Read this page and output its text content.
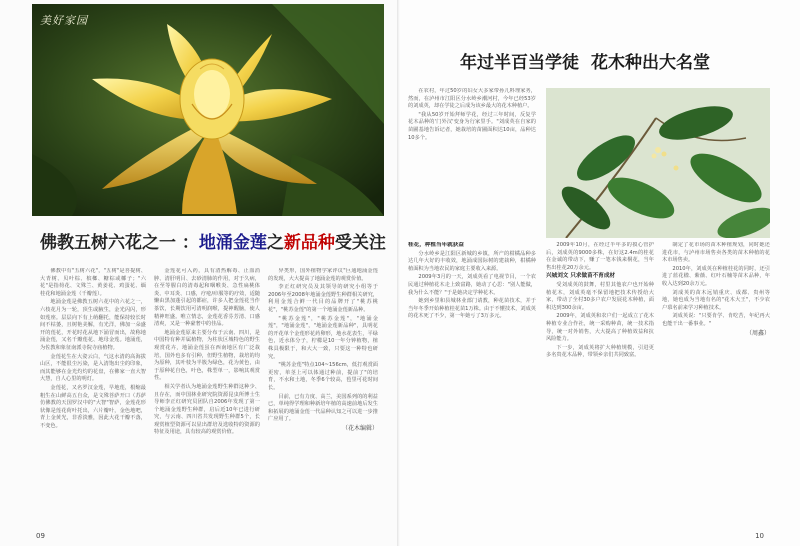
美好家园
佛教五树六花之一 ：地涌金莲之新品种受关注

佛教中有"五树六花"，"五树"是菩提树、大青树、贝叶棕、槟榔、糖棕或椰子；"六花"是指荷花、文殊兰、黄姜花、鸡蛋花、缅桂花和地涌金莲（千瓣莲）。

地涌金莲是佛教五树六花中的六花之一，六枝花月为一轮，顶生或腋生，金光闪闪，形如莲座。层层向下有上萌翻托，能保持较长时间不枯萎，且树艳美解，有光洋，佛加一朵盛开的莲花，开花时花从地下涌冒而出，故称地涌金莲，又名千瓣莲花、地母金莲。地涌莲，为佐教和象征南派寺院寺庙植物。

金莲花生在大姿云白，气这水清的高海拔山区，不能很尘污染，是入清饱出尘的印象，而其能够在金光灼灼的花盘，在佛家一直大智大慧，自人心里的明灯。

金莲花，又名罗汉金莲，早地莲，根缩最粗生在山鲜高五自众，是文殊菩萨开口（苏萨仿佛教的天国罗汉中的"大智"智萨，金莲花形状像是莲花荷叶托出，六片瓣叶，金色地吧，青上金黄光，非香淡雅，因此大花干瓣不落，不变色。

金莲花可入药，具有清热解毒、止血消肿、清肝明目、去砂清肺的作用，对于久病，在至等腥白的清毒起和咽喉炎、急性扁桃体炎、中耳炎、口感，疗疮/疖服等的疗效，适随懒由黑加蓬引起的都症，许多人把金莲花当作茶饮，长期饮用可清明润喉，提神醒脑，使人精神旺盛。唯立情志，金莲花香芬芳清、口感清爽，又是一种豪奢中的佳品。

地涌金莲原来主要分布于云南、四川，是中国特有种并属植物，为柱状区城特色的野生观赏花卉，地涌金莲虽在西南地区有广泛栽培，国外也多有引种，但野生植物，栽培的均为原种，其叶枝为半簇为绿色，花为黄色，由于原种花自色，叶色，株型单一，影响其观赏性。

相关学者认为地涌金莲野生种群这种少、且存在，而中国林业研究院资源昆虫所博士生导师李正红研究员团队自2006年发现了第一个地涌金莲野生种群，启后近10年已进行研究，与云南、四川省共发现野生种群5个，长观赏植型资源可以显出群培及选收特的资源的特征及用途，具有较高的观赏价值。

异类形，国外植物学家评议"巨通地涌金莲的发现，大大提高了地涌金莲的观赏价值。

李正红研究员及其领导的研究小组等于2006年至2008年地涌金莲野生种群相关研究，利用金莲合鲜一代目的品牌开了"桃苏桃花"，"桃苏金莲"的第一个地涌金莲新品种。

"桃苏金莲"，"桃苏金莲"，"地涌金莲"，"地涌金莲"，"地涌金莲新品种"，具明花的开花单个金莲形花药卵形，地水花表生，平绿色，近水体分子，柠檬是10一年分钟植物，植株具极限于，和大大一致，只要这一种特也研究。

"桃苏金莲"特点104~156cm，低打观赏面更密，单茎上可以体通过种前，提前了"的培育，不水和土地，冬季6个较高，苞里可花时间长。

目前，已有力度、高兰，美国系列的的利益已，单纯得学理和种新培年植的高速前地后发生和拓展的地涌金莲一代品种认知之可以进一步推广应用了。

（花木编辑）

09	10
年过半百当学徒 花木种出大名堂

在农村，年过50岁的妇女大多家带孙儿料理家务，然而，在泸州市江阳区分水岭乡潮河村，今年已经53岁的刘成英，却在学徒之后成为该乡最大的花木种植户。

"我从50岁开始拜师学花，经过三年时间，反复学花木品种的'门外汉'变身为行家里手。"刘成英在自家的苗圃基地告诉记者，她栽培的苗圃面积达10亩，品种达10多个。

桂花，种植当年就获益

分水岭乡是江阳区新城的乡镇，所产的柑橘品种多达几年大好的丰收效，地涌成国际树的建栽种，柑橘种植面积为当地农民的家庭主要收入来源。

2009年3月的一天，刘成英看了电视节目，一个农民通过种植花木走上致富路，她动了心思："别人能做，我为什么不能？"于是她决定学种花木。

她到乡里和县城林业部门请教，种花苗技术，并于当年冬季开始种植桂花苗1万株。由于不懂技术，刘成英的花木死了不少，第一年她亏了3万多元。

2009年10月，在经过半年多的摸心管护后，刘成英的9000多株，在好这2.4m的桂花在金诚的带动下，赚了一笔本钱来桐花，当年售出桂花20万余元。

兴城刘文 只求做苗不育成材

受刘成英的鼓舞，村里其他农户也开始种植花木，刘成英毫不保留地把技术传授给大家，带动了全村30多户农户发展花木种植，面积达到300余亩。

2009年，刘成英和农户们一起成立了花木种植专业合作社，统一采购种苗，统一技术指导，统一对外销售，大大提高了种植效益和抗风险能力。

下一步，刘成英将扩大种植规模，引进更多名贵花木品种，带领乡亲们共同致富。

制定了花市场的苗木种植规划，同时她还进花市，与泸州市场售卖各类的苗木种植的花木市场售卖。

2010年，刘成英在种植桂花的同时，还引进了蓝花楹、紫薇、红叶石楠等苗木品种，年收入达到20余万元。

刘成英的苗木远销重庆、成都、贵州等地，她也成为当地有名的"花木大王"，不少农户慕名前来学习种植技术。

刘成英说："只要肯学、肯吃苦，年纪再大也能干出一番事业。"

（周鑫）
